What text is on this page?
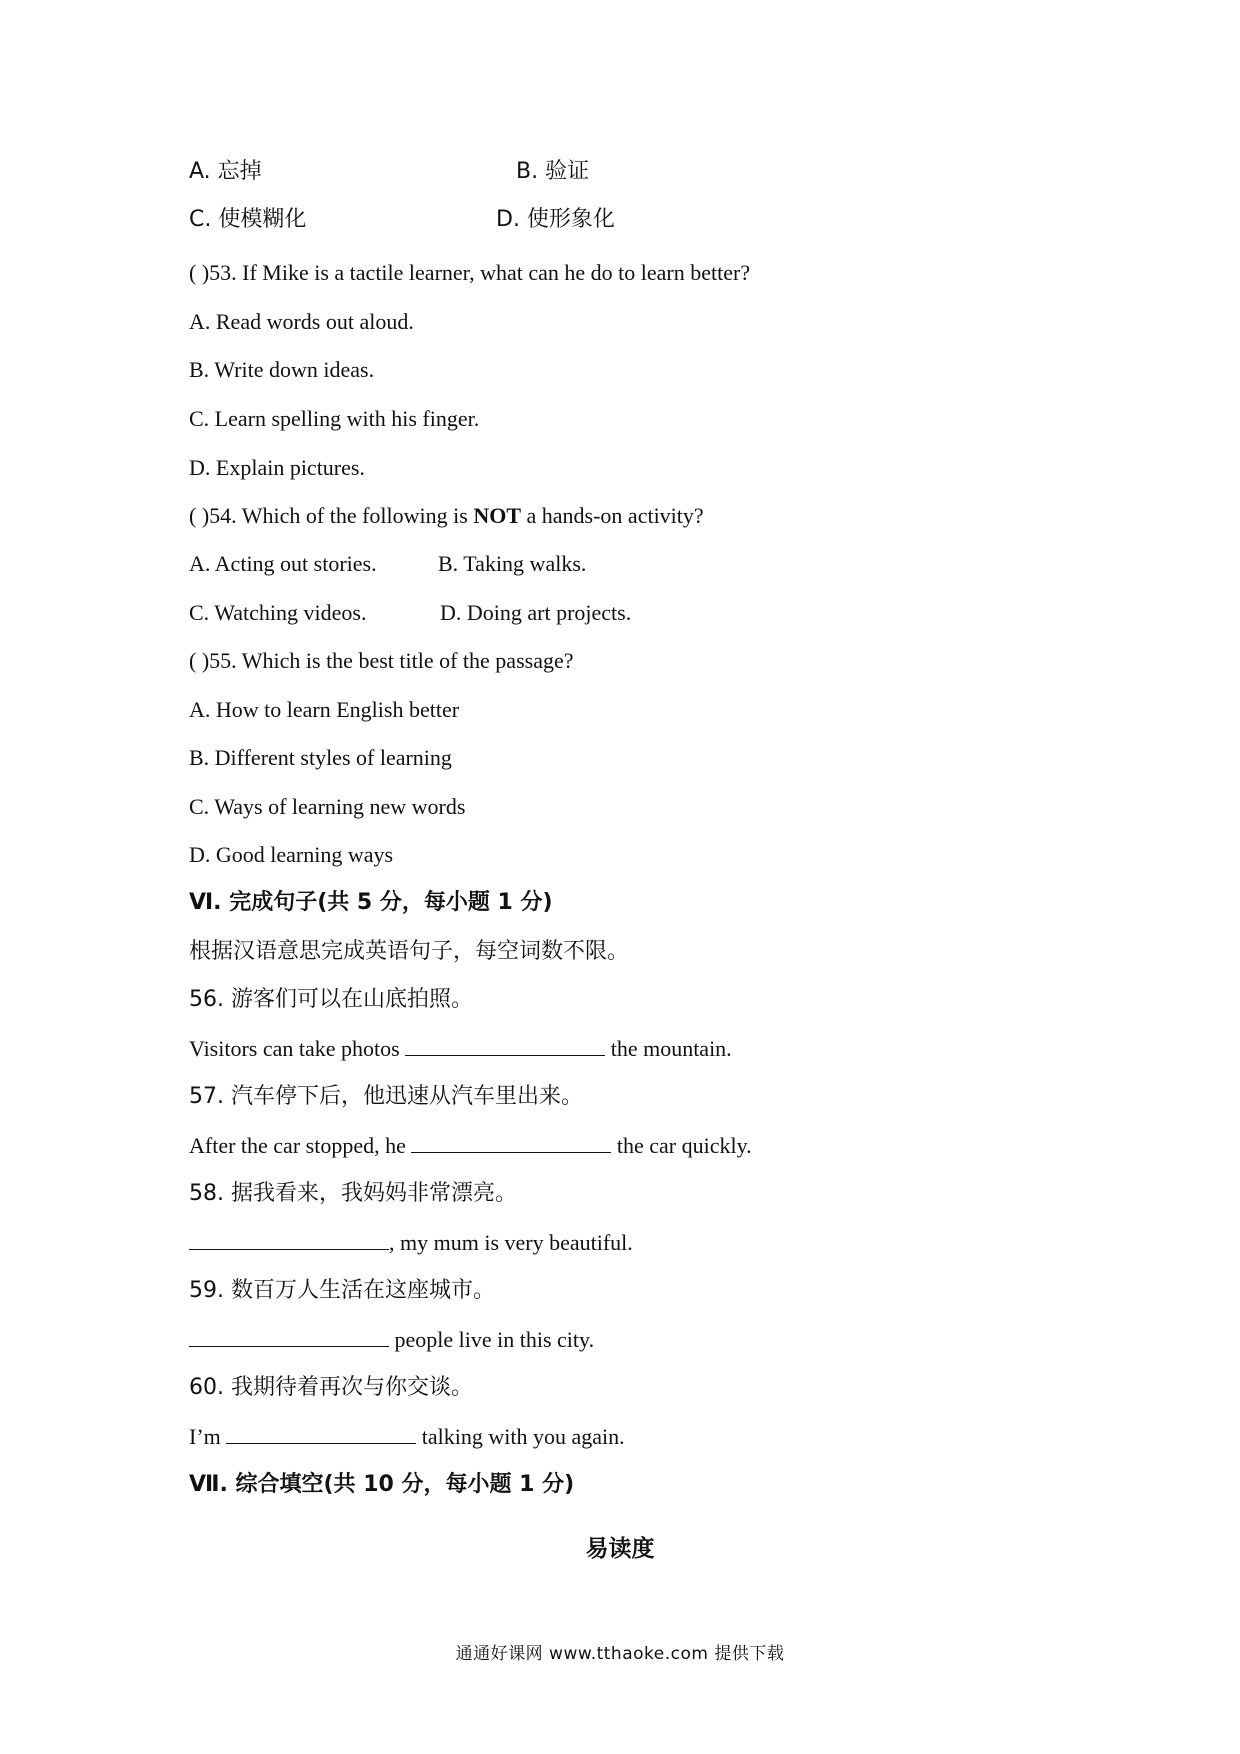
A. 忘掉	B. 验证
C. 使模糊化	D. 使形象化
( )53. If Mike is a tactile learner, what can he do to learn better?
A. Read words out aloud.
B. Write down ideas.
C. Learn spelling with his finger.
D. Explain pictures.
( )54. Which of the following is NOT a hands-on activity?
A. Acting out stories.	B. Taking walks.
C. Watching videos.	D. Doing art projects.
( )55. Which is the best title of the passage?
A. How to learn English better
B. Different styles of learning
C. Ways of learning new words
D. Good learning ways
Ⅵ. 完成句子(共 5 分，每小题 1 分)
根据汉语意思完成英语句子，每空词数不限。
56. 游客们可以在山底拍照。
Visitors can take photos	the mountain.
57. 汽车停下后，他迅速从汽车里出来。
After the car stopped, he	the car quickly.
58. 据我看来，我妈妈非常漂亮。
, my mum is very beautiful.
59. 数百万人生活在这座城市。
people live in this city.
60. 我期待着再次与你交谈。
I’m	talking with you again.
Ⅶ. 综合填空(共 10 分，每小题 1 分)
易读度
通通好课网 www.tthaoke.com 提供下载
